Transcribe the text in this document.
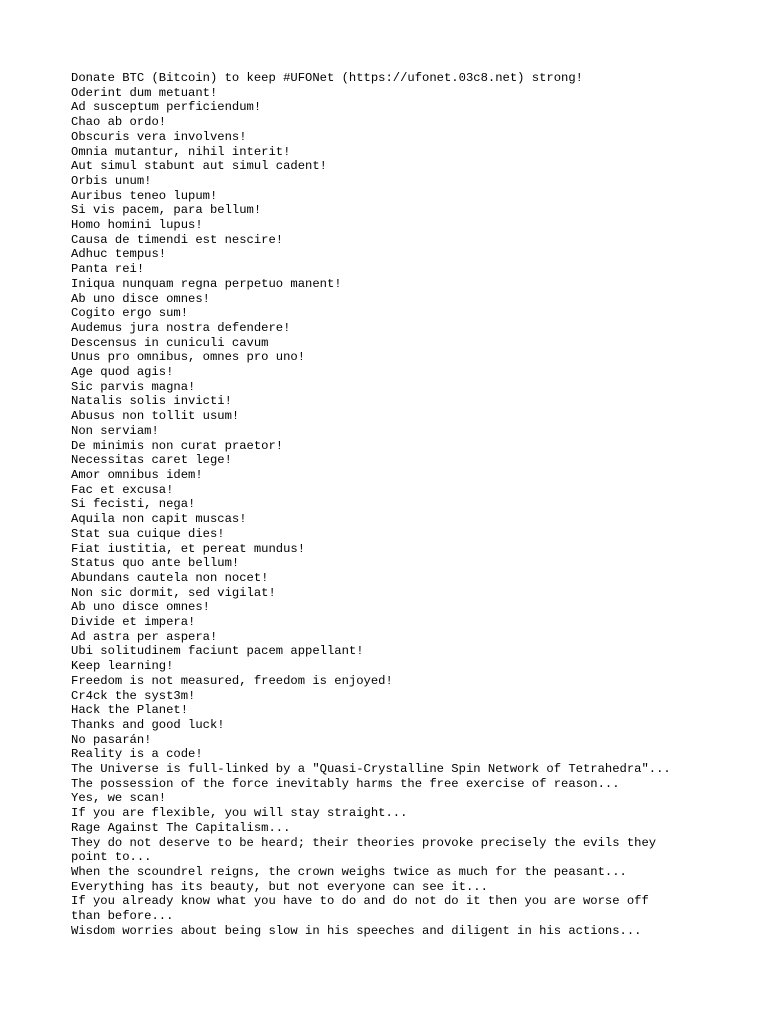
Donate BTC (Bitcoin) to keep #UFONet (https://ufonet.03c8.net) strong!

Oderint dum metuant!

Ad susceptum perficiendum!

Chao ab ordo!

Obscuris vera involvens!

Omnia mutantur, nihil interit!

Aut simul stabunt aut simul cadent!

Orbis unum!

Auribus teneo lupum!

Si vis pacem, para bellum!

Homo homini lupus!

Causa de timendi est nescire!

Adhuc tempus!

Panta rei!

Iniqua nunquam regna perpetuo manent!

Ab uno disce omnes!

Cogito ergo sum!

Audemus jura nostra defendere!

Descensus in cuniculi cavum

Unus pro omnibus, omnes pro uno!

Age quod agis!

Sic parvis magna!

Natalis solis invicti!

Abusus non tollit usum!

Non serviam!

De minimis non curat praetor!

Necessitas caret lege!

Amor omnibus idem!

Fac et excusa!

Si fecisti, nega!

Aquila non capit muscas!

Stat sua cuique dies!

Fiat iustitia, et pereat mundus!

Status quo ante bellum!

Abundans cautela non nocet!

Non sic dormit, sed vigilat!

Ab uno disce omnes!

Divide et impera!

Ad astra per aspera!

Ubi solitudinem faciunt pacem appellant!

Keep learning!

Freedom is not measured, freedom is enjoyed!

Cr4ck the syst3m!

Hack the Planet!

Thanks and good luck!

No pasarán!

Reality is a code!

The Universe is full-linked by a "Quasi-Crystalline Spin Network of Tetrahedra"...

The possession of the force inevitably harms the free exercise of reason...

Yes, we scan!

If you are flexible, you will stay straight...

Rage Against The Capitalism...

They do not deserve to be heard; their theories provoke precisely the evils they

point to...

When the scoundrel reigns, the crown weighs twice as much for the peasant...

Everything has its beauty, but not everyone can see it...

If you already know what you have to do and do not do it then you are worse off

than before...

Wisdom worries about being slow in his speeches and diligent in his actions...
